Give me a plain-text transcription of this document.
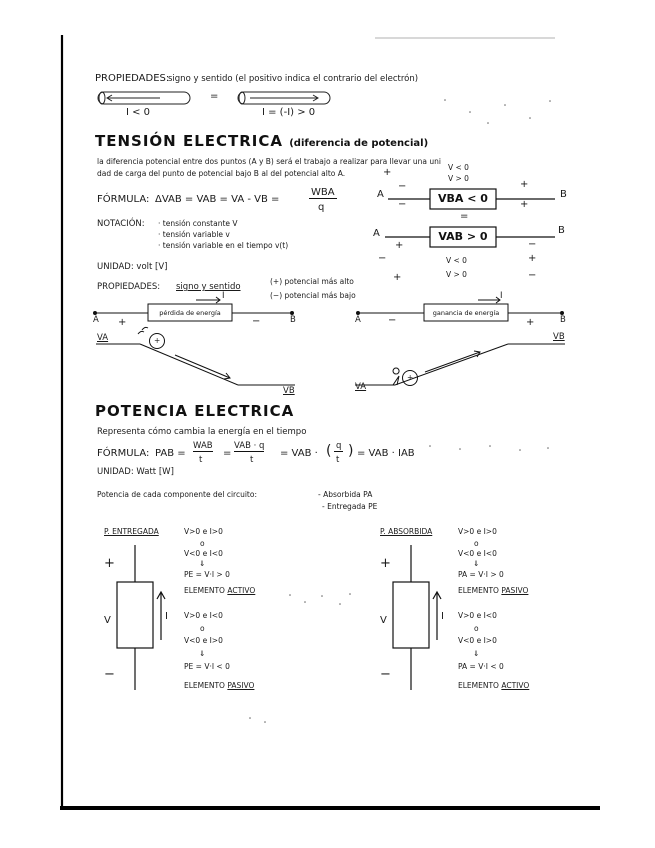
PROPIEDADES:
signo y sentido (el positivo indica el contrario del electrón)
=
I < 0	I = (-I) > 0
TENSIÓN ELECTRICA (diferencia de potencial)
la diferencia potencial entre dos puntos (A y B) será el trabajo a realizar para llevar una uni
dad de carga del punto de potencial bajo B al del potencial alto A.	+
FÓRMULA: ΔVAB = VAB = VA - VB =
WBA
q
A	B
−	+
−	+
V < 0
V > 0
VBA < 0
=
A	B
+	−
VAB > 0
V < 0
V > 0
−	+
+	−
NOTACIÓN: · tensión constante V
· tensión variable v
· tensión variable en el tiempo v(t)
UNIDAD: volt [V]
PROPIEDADES: signo y sentido
(+) potencial más alto
(−) potencial más bajo
pérdida de energía
I
A	B
+	−
VA
VB
+
ganancia de energía
I
A	B
+
−
VA
VB
+
POTENCIA ELECTRICA
Representa cómo cambia la energía en el tiempo
FÓRMULA: PAB =
WAB
t
=
VAB · q
t
= VAB · ( q
t
) = VAB · IAB
UNIDAD: Watt [W]
Potencia de cada componente del circuito:	- Absorbida PA
- Entregada PE
P. ENTREGADA
+
V	I
−
V>0 e I>0
o
V<0 e I<0
⇓
PE = V·I > 0
ELEMENTO ACTIVO
V>0 e I<0
o
V<0 e I>0
⇓
PE = V·I < 0
ELEMENTO PASIVO
P. ABSORBIDA
+
V	I
−
V>0 e I>0
o
V<0 e I<0
⇓
PA = V·I > 0
ELEMENTO PASIVO
V>0 e I<0
o
V<0 e I>0
⇓
PA = V·I < 0
ELEMENTO ACTIVO
